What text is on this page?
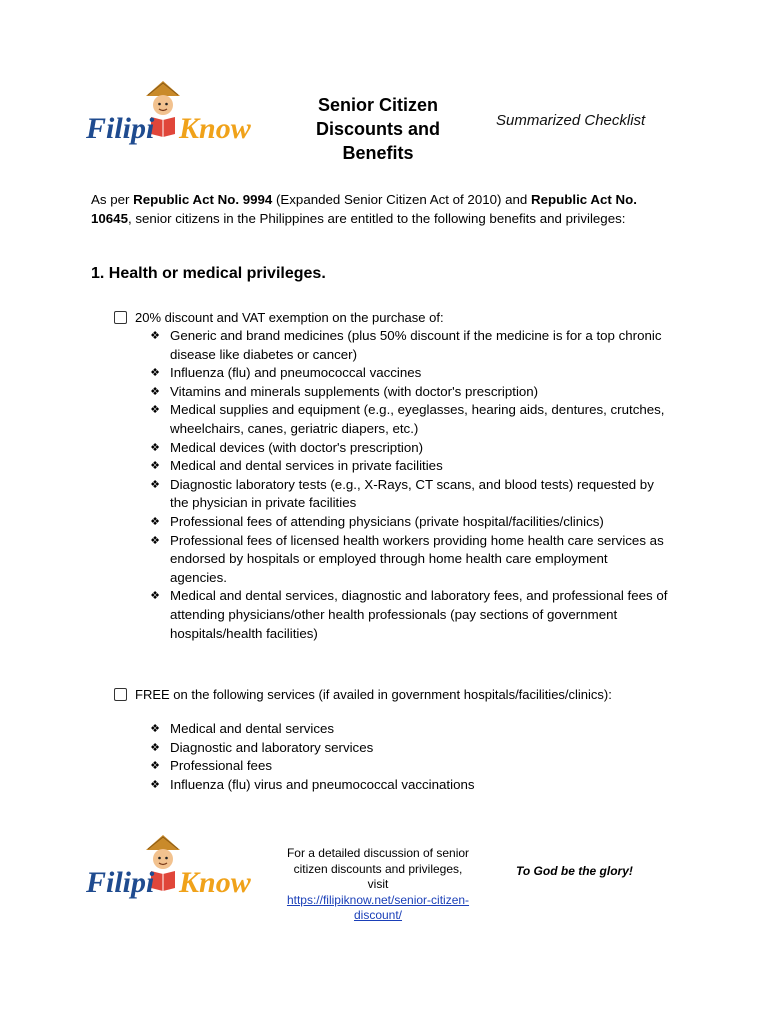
Filipi Know
Senior Citizen
Discounts and
Benefits
Summarized Checklist
As per Republic Act No. 9994 (Expanded Senior Citizen Act of 2010) and Republic Act No. 10645, senior citizens in the Philippines are entitled to the following benefits and privileges:
1. Health or medical privileges.
20% discount and VAT exemption on the purchase of:
❖ Generic and brand medicines (plus 50% discount if the medicine is for a top chronic disease like diabetes or cancer)
❖ Influenza (flu) and pneumococcal vaccines
❖ Vitamins and minerals supplements (with doctor's prescription)
❖ Medical supplies and equipment (e.g., eyeglasses, hearing aids, dentures, crutches, wheelchairs, canes, geriatric diapers, etc.)
❖ Medical devices (with doctor's prescription)
❖ Medical and dental services in private facilities
❖ Diagnostic laboratory tests (e.g., X-Rays, CT scans, and blood tests) requested by the physician in private facilities
❖ Professional fees of attending physicians (private hospital/facilities/clinics)
❖ Professional fees of licensed health workers providing home health care services as endorsed by hospitals or employed through home health care employment agencies.
❖ Medical and dental services, diagnostic and laboratory fees, and professional fees of attending physicians/other health professionals (pay sections of government hospitals/health facilities)
FREE on the following services (if availed in government hospitals/facilities/clinics):
❖ Medical and dental services
❖ Diagnostic and laboratory services
❖ Professional fees
❖ Influenza (flu) virus and pneumococcal vaccinations
Filipi Know
For a detailed discussion of senior citizen discounts and privileges, visit
https://filipiknow.net/senior-citizen-discount/
To God be the glory!
